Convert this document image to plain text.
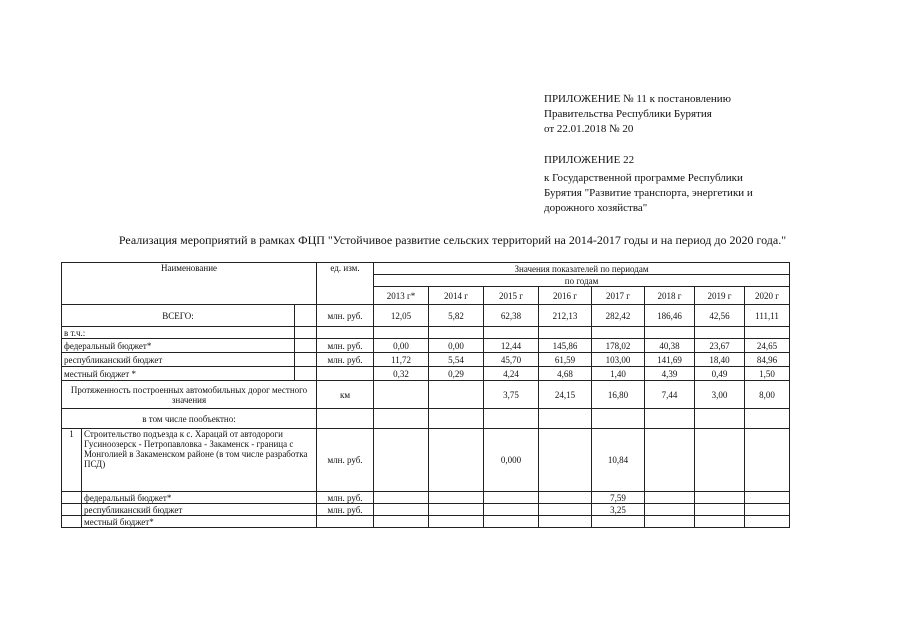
ПРИЛОЖЕНИЕ № 11 к постановлению
Правительства Республики Бурятия
от 22.01.2018 № 20
ПРИЛОЖЕНИЕ 22
к Государственной программе Республики
Бурятия "Развитие транспорта, энергетики и
дорожного хозяйства"
Реализация мероприятий в рамках ФЦП "Устойчивое развитие сельских территорий на 2014-2017 годы и на период до 2020 года."
Наименование			ед. изм.	Значения показателей по периодам							
				по годам							
				2013 г*	2014 г	2015 г	2016 г	2017 г	2018 г	2019 г	2020 г
ВСЕГО:			млн. руб.	12,05	5,82	62,38	212,13	282,42	186,46	42,56	111,11
в т.ч.:											
федеральный бюджет*			млн. руб.	0,00	0,00	12,44	145,86	178,02	40,38	23,67	24,65
республиканский бюджет			млн. руб.	11,72	5,54	45,70	61,59	103,00	141,69	18,40	84,96
местный бюджет *				0,32	0,29	4,24	4,68	1,40	4,39	0,49	1,50
Протяженность построенных автомобильных дорог местного значения			км			3,75	24,15	16,80	7,44	3,00	8,00
в том числе пообъектно:											
1	Строительство подъезда к с. Харацай от автодороги Гусиноозерск - Петропавловка - Закаменск - граница с Монголией в Закаменском районе (в том числе разработка ПСД)		млн. руб.			0,000		10,84			
	федеральный бюджет*		млн. руб.					7,59			
	республиканский бюджет		млн. руб.					3,25			
	местный бюджет*										
